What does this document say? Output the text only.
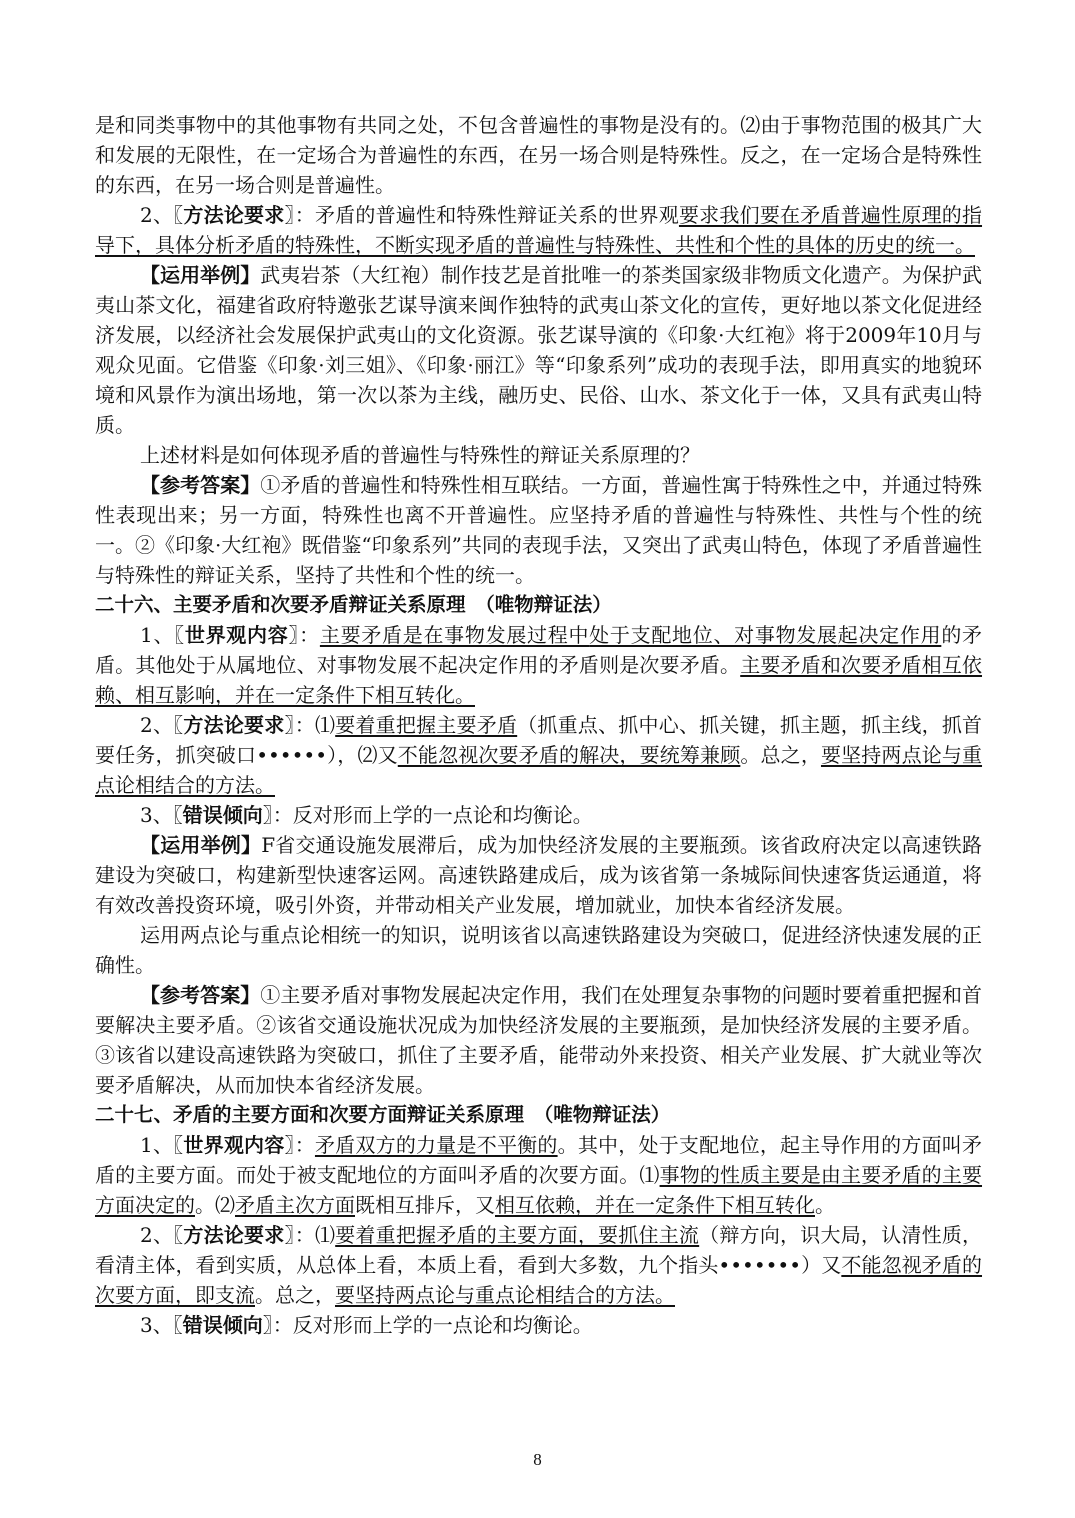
是和同类事物中的其他事物有共同之处，不包含普遍性的事物是没有的。⑵由于事物范围的极其广大和发展的无限性，在一定场合为普遍性的东西，在另一场合则是特殊性。反之，在一定场合是特殊性的东西，在另一场合则是普遍性。

2、〖方法论要求〗：矛盾的普遍性和特殊性辩证关系的世界观要求我们要在矛盾普遍性原理的指导下，具体分析矛盾的特殊性，不断实现矛盾的普遍性与特殊性、共性和个性的具体的历史的统一。

【运用举例】武夷岩茶（大红袍）制作技艺是首批唯一的茶类国家级非物质文化遗产。为保护武夷山茶文化，福建省政府特邀张艺谋导演来闽作独特的武夷山茶文化的宣传，更好地以茶文化促进经济发展，以经济社会发展保护武夷山的文化资源。张艺谋导演的《印象·大红袍》将于2009年10月与观众见面。它借鉴《印象·刘三姐》、《印象·丽江》等“印象系列”成功的表现手法，即用真实的地貌环境和风景作为演出场地，第一次以茶为主线，融历史、民俗、山水、茶文化于一体，又具有武夷山特质。

上述材料是如何体现矛盾的普遍性与特殊性的辩证关系原理的？

【参考答案】①矛盾的普遍性和特殊性相互联结。一方面，普遍性寓于特殊性之中，并通过特殊性表现出来；另一方面，特殊性也离不开普遍性。应坚持矛盾的普遍性与特殊性、共性与个性的统一。②《印象·大红袍》既借鉴“印象系列”共同的表现手法，又突出了武夷山特色，体现了矛盾普遍性与特殊性的辩证关系，坚持了共性和个性的统一。

二十六、主要矛盾和次要矛盾辩证关系原理　（唯物辩证法）

1、〖世界观内容〗：主要矛盾是在事物发展过程中处于支配地位、对事物发展起决定作用的矛盾。其他处于从属地位、对事物发展不起决定作用的矛盾则是次要矛盾。主要矛盾和次要矛盾相互依赖、相互影响，并在一定条件下相互转化。

2、〖方法论要求〗：⑴要着重把握主要矛盾（抓重点、抓中心、抓关键，抓主题，抓主线，抓首要任务，抓突破口••••••），⑵又不能忽视次要矛盾的解决，要统筹兼顾。总之，要坚持两点论与重点论相结合的方法。

3、〖错误倾向〗：反对形而上学的一点论和均衡论。

【运用举例】F省交通设施发展滞后，成为加快经济发展的主要瓶颈。该省政府决定以高速铁路建设为突破口，构建新型快速客运网。高速铁路建成后，成为该省第一条城际间快速客货运通道，将有效改善投资环境，吸引外资，并带动相关产业发展，增加就业，加快本省经济发展。

运用两点论与重点论相统一的知识，说明该省以高速铁路建设为突破口，促进经济快速发展的正确性。

【参考答案】①主要矛盾对事物发展起决定作用，我们在处理复杂事物的问题时要着重把握和首要解决主要矛盾。②该省交通设施状况成为加快经济发展的主要瓶颈，是加快经济发展的主要矛盾。③该省以建设高速铁路为突破口，抓住了主要矛盾，能带动外来投资、相关产业发展、扩大就业等次要矛盾解决，从而加快本省经济发展。

二十七、矛盾的主要方面和次要方面辩证关系原理　（唯物辩证法）

1、〖世界观内容〗：矛盾双方的力量是不平衡的。其中，处于支配地位，起主导作用的方面叫矛盾的主要方面。而处于被支配地位的方面叫矛盾的次要方面。⑴事物的性质主要是由主要矛盾的主要方面决定的。⑵矛盾主次方面既相互排斥，又相互依赖，并在一定条件下相互转化。

2、〖方法论要求〗：⑴要着重把握矛盾的主要方面，要抓住主流（辩方向，识大局，认清性质，看清主体，看到实质，从总体上看，本质上看，看到大多数，九个指头•••••••）又不能忽视矛盾的次要方面，即支流。总之，要坚持两点论与重点论相结合的方法。

3、〖错误倾向〗：反对形而上学的一点论和均衡论。

8
